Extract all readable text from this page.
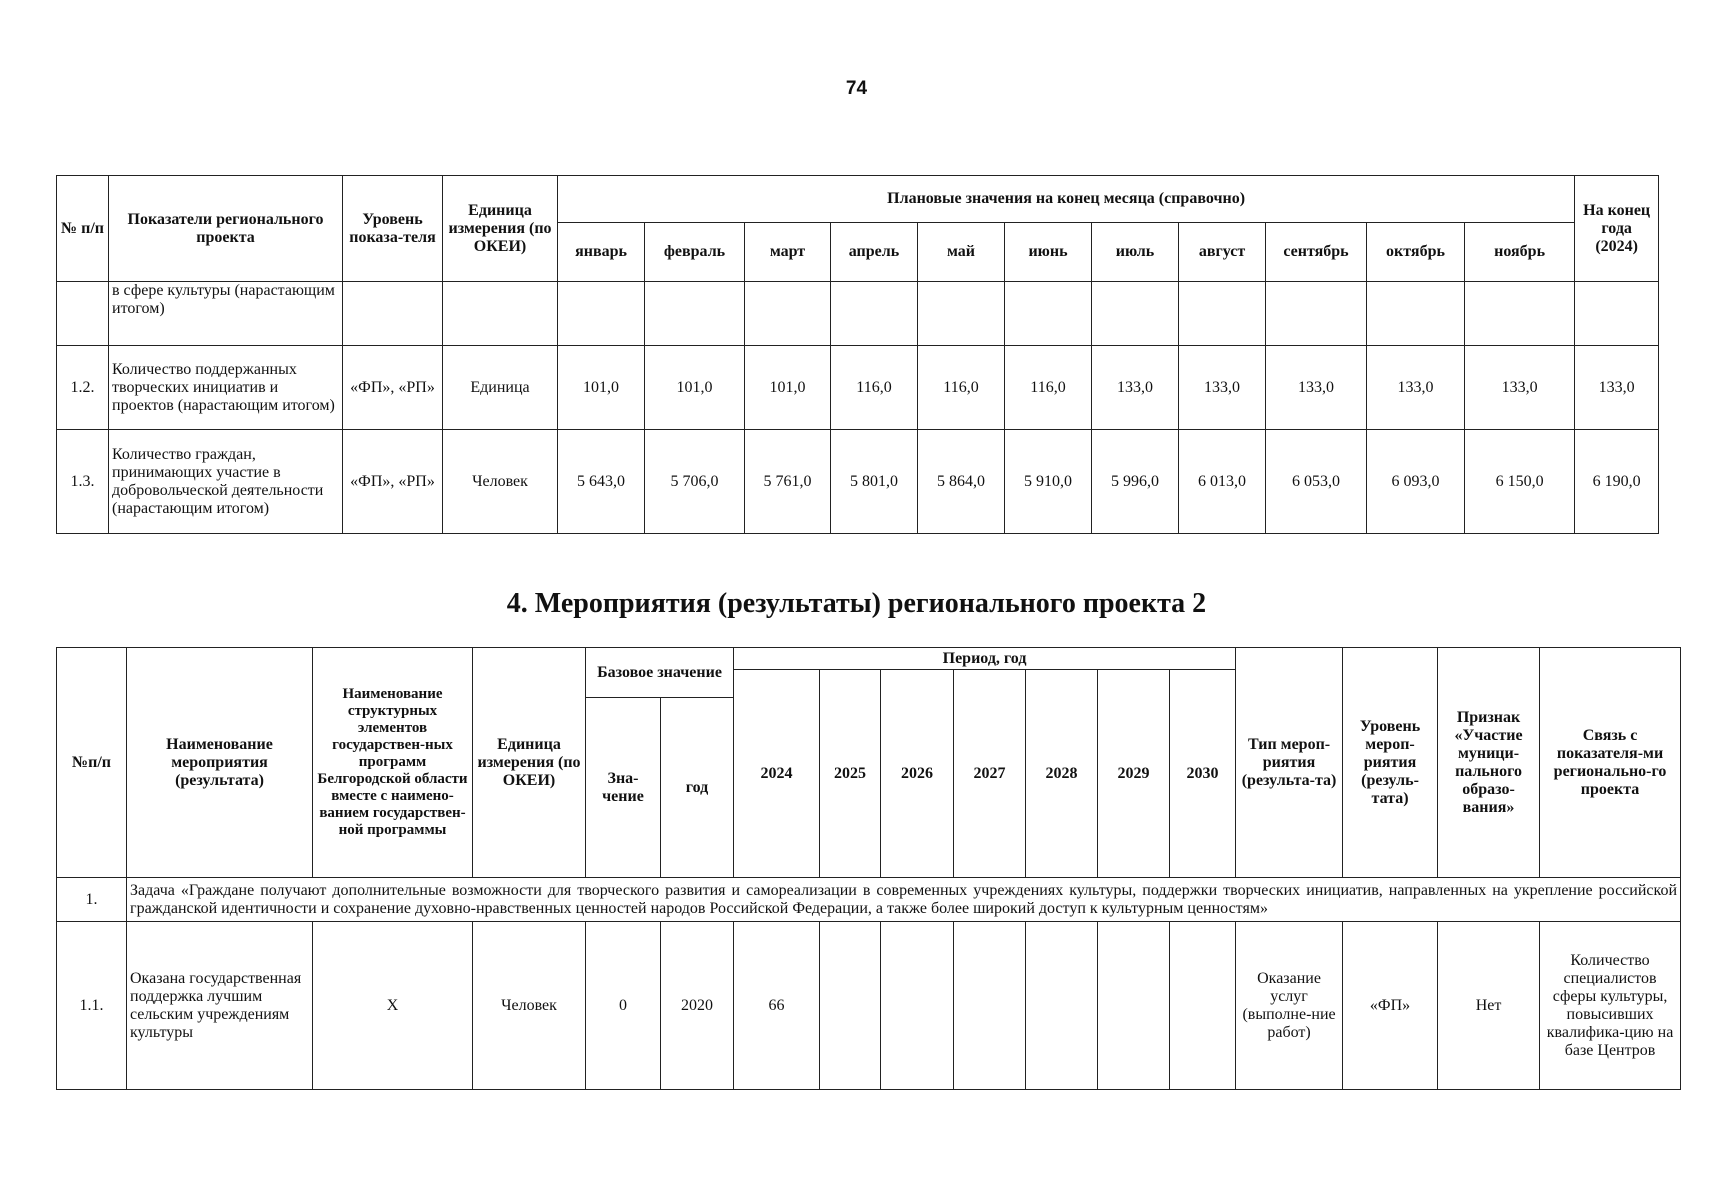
74
№ п/п	Показатели регионального проекта	Уровень показа-теля	Единица измерения (по ОКЕИ)	Плановые значения на конец месяца (справочно)											На конец года (2024)
				январь	февраль	март	апрель	май	июнь	июль	август	сентябрь	октябрь	ноябрь	
	в сфере культуры (нарастающим итогом)														
1.2.	Количество поддержанных творческих инициатив и проектов (нарастающим итогом)	«ФП», «РП»	Единица	101,0	101,0	101,0	116,0	116,0	116,0	133,0	133,0	133,0	133,0	133,0	133,0
1.3.	Количество граждан, принимающих участие в добровольческой деятельности (нарастающим итогом)	«ФП», «РП»	Человек	5 643,0	5 706,0	5 761,0	5 801,0	5 864,0	5 910,0	5 996,0	6 013,0	6 053,0	6 093,0	6 150,0	6 190,0
4. Мероприятия (результаты) регионального проекта 2
№п/п	Наименование мероприятия (результата)	Наименование структурных элементов государствен-ных программ Белгородской области вместе с наимено-ванием государствен-ной программы	Единица измерения (по ОКЕИ)	Базовое значение		Период, год							Тип мероп-риятия (результа-та)	Уровень мероп-риятия (резуль-тата)	Признак «Участие муници-пального образо-вания»	Связь с показателя-ми регионально-го проекта
						2024	2025	2026	2027	2028	2029	2030				
				Зна-чение	год											
1.	Задача «Граждане получают дополнительные возможности для творческого развития и самореализации в современных учреждениях культуры, поддержки творческих инициатив, направленных на укрепление российской гражданской идентичности и сохранение духовно-нравственных ценностей народов Российской Федерации, а также более широкий доступ к культурным ценностям»															
1.1.	Оказана государственная поддержка лучшим сельским учреждениям культуры	X	Человек	0	2020	66							Оказание услуг (выполне-ние работ)	«ФП»	Нет	Количество специалистов сферы культуры, повысивших квалифика-цию на базе Центров
